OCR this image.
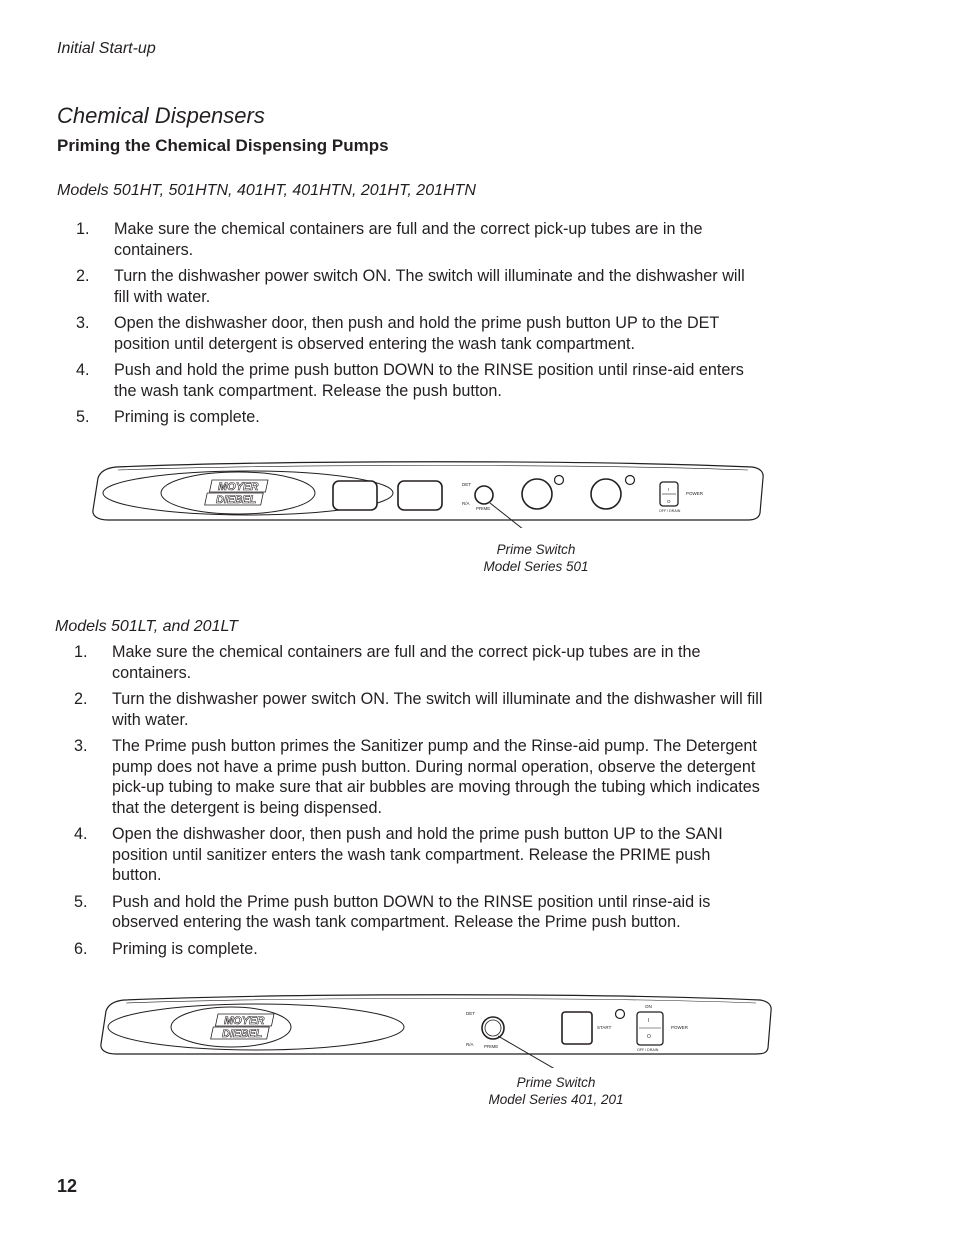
Initial Start-up
Chemical Dispensers
Priming the Chemical Dispensing Pumps
Models 501HT, 501HTN, 401HT, 401HTN, 201HT, 201HTN
1. Make sure the chemical containers are full and the correct pick-up tubes are in the containers.
2. Turn the dishwasher power switch ON. The switch will illuminate and the dishwasher will fill with water.
3. Open the dishwasher door, then push and hold the prime push button UP to the DET position until detergent is observed entering the wash tank compartment.
4. Push and hold the prime push button DOWN to the RINSE position until rinse-aid enters the wash tank compartment. Release the push button.
5. Priming is complete.
MOYER
DIEBEL
DET
R/A
PRIME
I
O
POWER
OFF / DRAIN
Prime Switch
Model Series 501
Models 501LT, and 201LT
1. Make sure the chemical containers are full and the correct pick-up tubes are in the containers.
2. Turn the dishwasher power switch ON. The switch will illuminate and the dishwasher will fill with water.
3. The Prime push button primes the Sanitizer pump and the Rinse-aid pump. The Detergent pump does not have a prime push button. During normal operation, observe the detergent pick-up tubing to make sure that air bubbles are moving through the tubing which indicates that the detergent is being dispensed.
4. Open the dishwasher door, then push and hold the prime push button UP to the SANI position until sanitizer enters the wash tank compartment. Release the PRIME push button.
5. Push and hold the Prime push button DOWN to the RINSE position until rinse-aid is observed entering the wash tank compartment. Release the Prime push button.
6. Priming is complete.
MOYER
DIEBEL
DET
R/A PRIME
START
ON
I
O
POWER
OFF / DRAIN
Prime Switch
Model Series 401, 201
12
